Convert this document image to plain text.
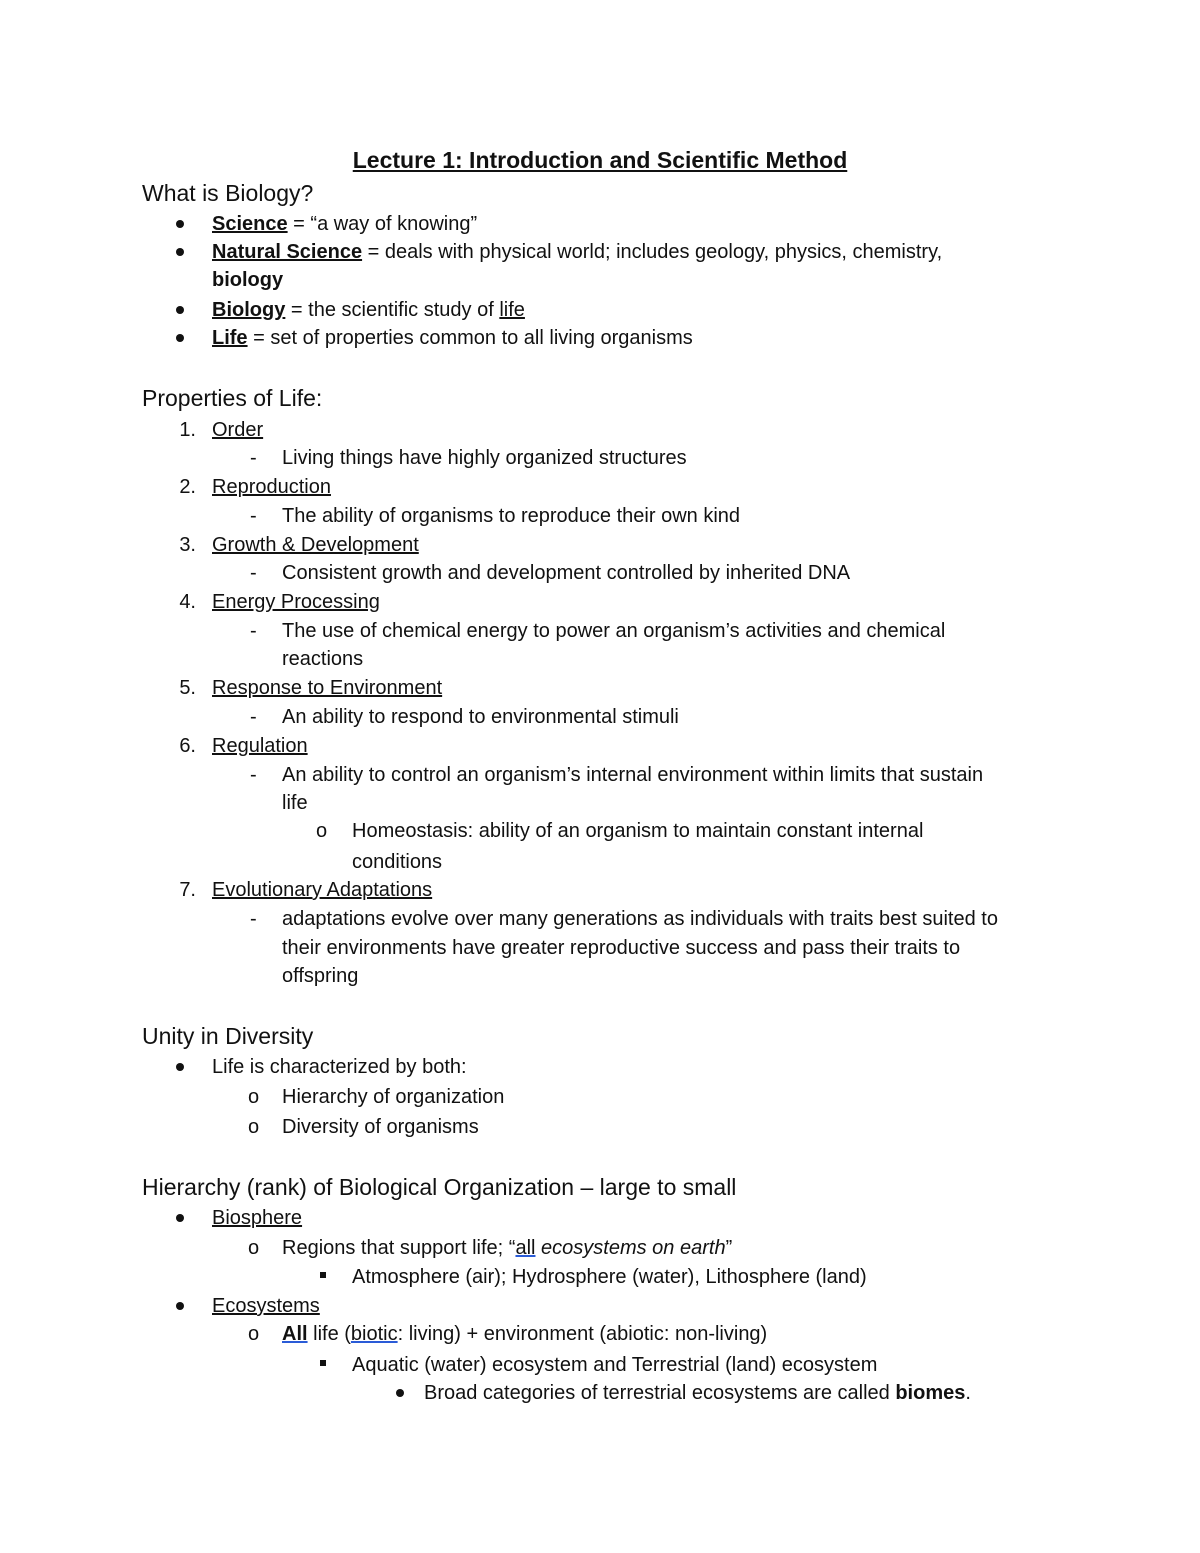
Lecture 1: Introduction and Scientific Method
What is Biology?
Science = “a way of knowing”
Natural Science = deals with physical world; includes geology, physics, chemistry,
biology
Biology = the scientific study of life
Life = set of properties common to all living organisms
Properties of Life:
1. Order
- Living things have highly organized structures
2. Reproduction
- The ability of organisms to reproduce their own kind
3. Growth & Development
- Consistent growth and development controlled by inherited DNA
4. Energy Processing
- The use of chemical energy to power an organism’s activities and chemical
reactions
5. Response to Environment
- An ability to respond to environmental stimuli
6. Regulation
- An ability to control an organism’s internal environment within limits that sustain
life
o Homeostasis: ability of an organism to maintain constant internal
conditions
7. Evolutionary Adaptations
- adaptations evolve over many generations as individuals with traits best suited to
their environments have greater reproductive success and pass their traits to
offspring
Unity in Diversity
Life is characterized by both:
o Hierarchy of organization
o Diversity of organisms
Hierarchy (rank) of Biological Organization – large to small
Biosphere
o Regions that support life; “all ecosystems on earth”
Atmosphere (air); Hydrosphere (water), Lithosphere (land)
Ecosystems
o All life (biotic: living) + environment (abiotic: non-living)
Aquatic (water) ecosystem and Terrestrial (land) ecosystem
Broad categories of terrestrial ecosystems are called biomes.
